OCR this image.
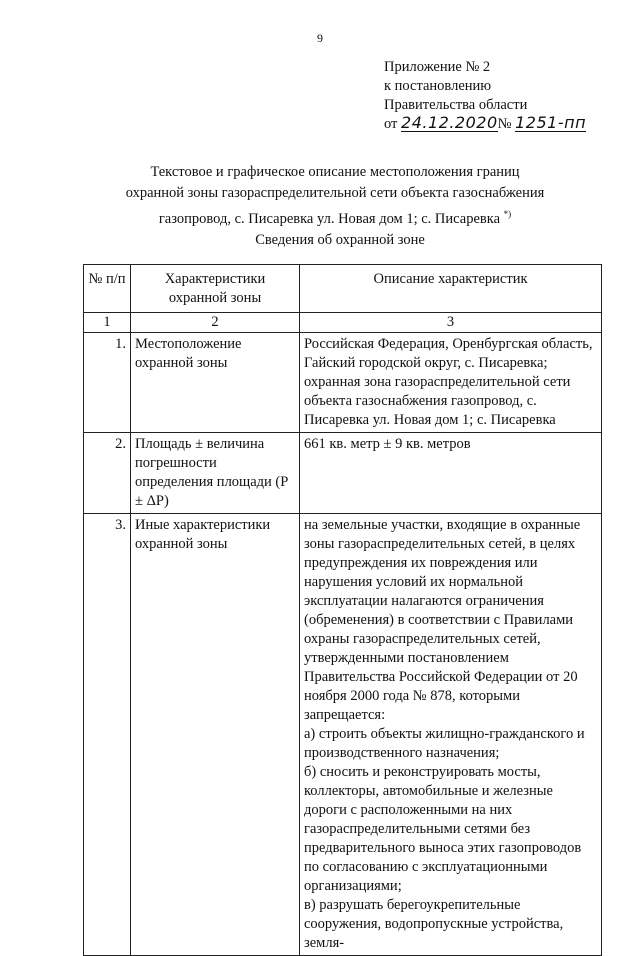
9
Приложение № 2
к постановлению
Правительства области
от 24.12.2020№ 1251-пп
Текстовое и графическое описание местоположения границ
охранной зоны газораспределительной сети объекта газоснабжения
газопровод, с. Писаревка ул. Новая дом 1; с. Писаревка *)
Сведения об охранной зоне
№ п/п	Характеристики охранной зоны	Описание характеристик
1	2	3
1.	Местоположение охранной зоны	Российская Федерация, Оренбургская область, Гайский городской округ, с. Писаревка; охранная зона газораспределительной сети объекта газоснабжения газопровод, с. Писаревка ул. Новая дом 1; с. Писаревка
2.	Площадь ± величина погрешности определения площади (P ± ΔP)	661 кв. метр ± 9 кв. метров
3.	Иные характеристики охранной зоны	на земельные участки, входящие в охранные зоны газораспределительных сетей, в целях предупреждения их повреждения или нарушения условий их нормальной эксплуатации налагаются ограничения (обременения) в соответствии с Правилами охраны газораспределительных сетей, утвержденными постановлением Правительства Российской Федерации от 20 ноября 2000 года № 878, которыми запрещается:
а) строить объекты жилищно-гражданского и производственного назначения;
б) сносить и реконструировать мосты, коллекторы, автомобильные и железные дороги с расположенными на них газораспределительными сетями без предварительного выноса этих газопроводов по согласованию с эксплуатационными организациями;
в) разрушать берегоукрепительные сооружения, водопропускные устройства, земля-
